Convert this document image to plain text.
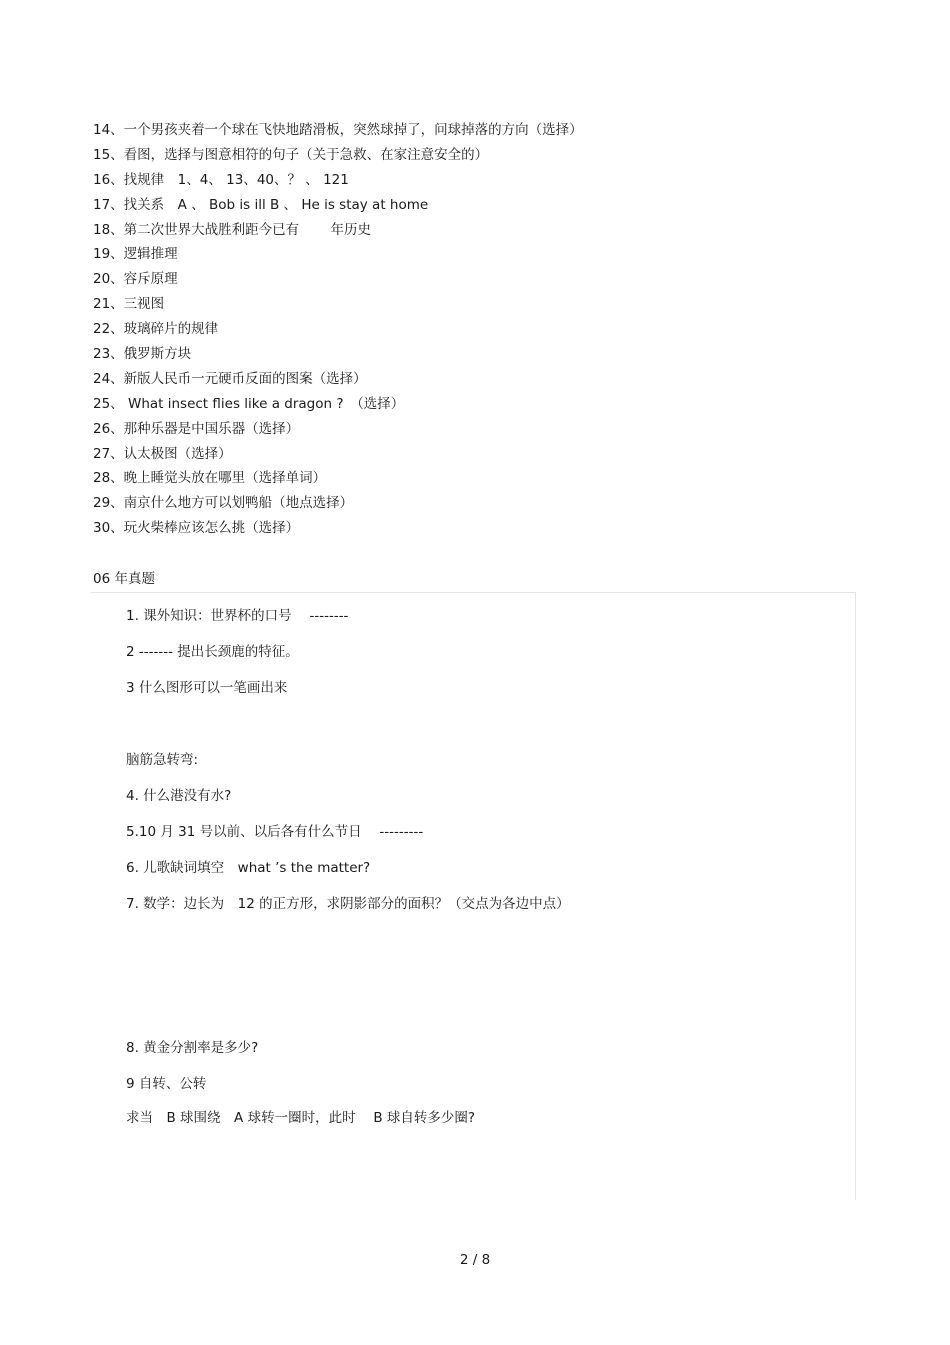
14、一个男孩夹着一个球在飞快地踏滑板，突然球掉了，问球掉落的方向（选择）
15、看图，选择与图意相符的句子（关于急救、在家注意安全的）
16、找规律　1、4、 13、40、？ 、 121
17、找关系　A 、 Bob is ill B 、 He is stay at home
18、第二次世界大战胜利距今已有　　 年历史
19、逻辑推理
20、容斥原理
21、三视图
22、玻璃碎片的规律
23、俄罗斯方块
24、新版人民币一元硬币反面的图案（选择）
25、 What insect flies like a dragon ?　（选择）
26、那种乐器是中国乐器（选择）
27、认太极图（选择）
28、晚上睡觉头放在哪里（选择单词）
29、南京什么地方可以划鸭船（地点选择）
30、玩火柴棒应该怎么挑（选择）
06 年真题
1. 课外知识：世界杯的口号　 --------
2 ------- 提出长颈鹿的特征。
3 什么图形可以一笔画出来
脑筋急转弯:
4. 什么港没有水?
5.10 月 31 号以前、以后各有什么节日　 ---------
6. 儿歌缺词填空　what ’s the matter?
7. 数学：边长为　12 的正方形，求阴影部分的面积？（交点为各边中点）
8. 黄金分割率是多少?
9 自转、公转
求当　B 球围绕　A 球转一圈时，此时　 B 球自转多少圈?
2 / 8
